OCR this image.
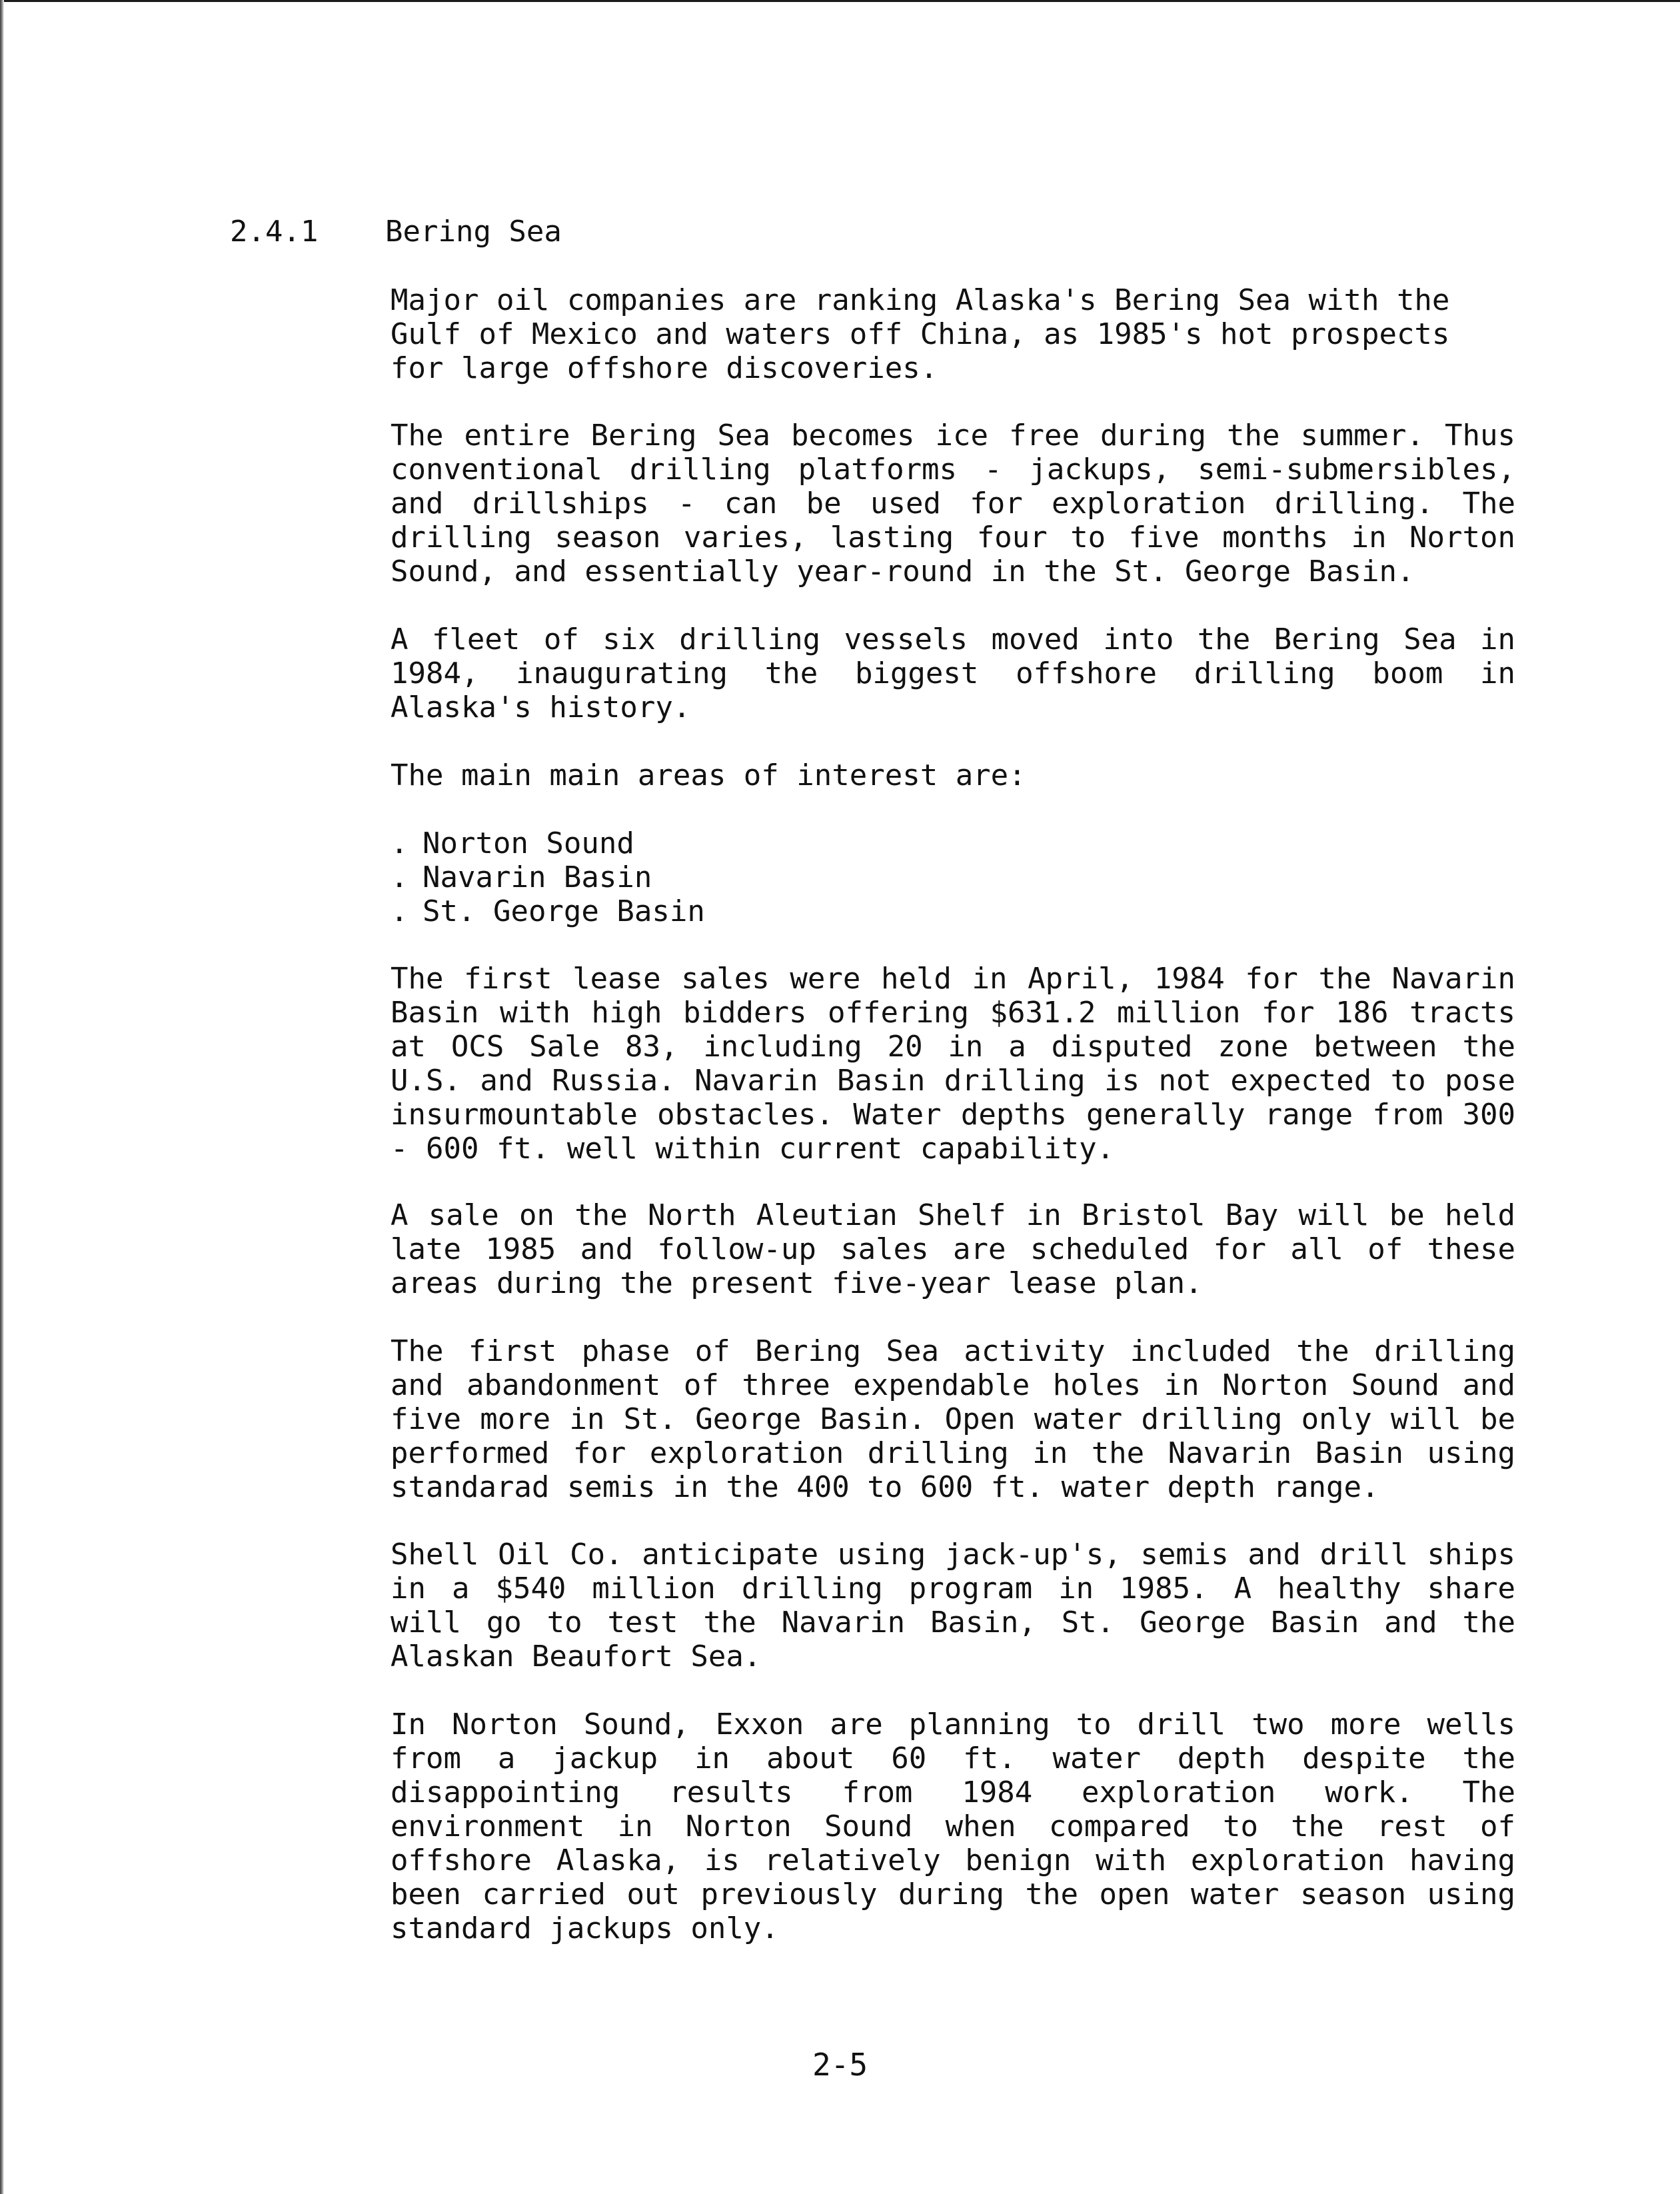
2.4.1 Bering Sea

Major oil companies are ranking Alaska's Bering Sea with the Gulf of Mexico and waters off China, as 1985's hot prospects for large offshore discoveries.

The entire Bering Sea becomes ice free during the summer. Thus conventional drilling platforms - jackups, semi-submersibles, and drillships - can be used for exploration drilling. The drilling season varies, lasting four to five months in Norton Sound, and essentially year-round in the St. George Basin.

A fleet of six drilling vessels moved into the Bering Sea in 1984, inaugurating the biggest offshore drilling boom in Alaska's history.

The main main areas of interest are:

. Norton Sound
. Navarin Basin
. St. George Basin

The first lease sales were held in April, 1984 for the Navarin Basin with high bidders offering $631.2 million for 186 tracts at OCS Sale 83, including 20 in a disputed zone between the U.S. and Russia. Navarin Basin drilling is not expected to pose insurmountable obstacles. Water depths generally range from 300 - 600 ft. well within current capability.

A sale on the North Aleutian Shelf in Bristol Bay will be held late 1985 and follow-up sales are scheduled for all of these areas during the present five-year lease plan.

The first phase of Bering Sea activity included the drilling and abandonment of three expendable holes in Norton Sound and five more in St. George Basin. Open water drilling only will be performed for exploration drilling in the Navarin Basin using standarad semis in the 400 to 600 ft. water depth range.

Shell Oil Co. anticipate using jack-up's, semis and drill ships in a $540 million drilling program in 1985. A healthy share will go to test the Navarin Basin, St. George Basin and the Alaskan Beaufort Sea.

In Norton Sound, Exxon are planning to drill two more wells from a jackup in about 60 ft. water depth despite the disappointing results from 1984 exploration work. The environment in Norton Sound when compared to the rest of offshore Alaska, is relatively benign with exploration having been carried out previously during the open water season using standard jackups only.

2-5
